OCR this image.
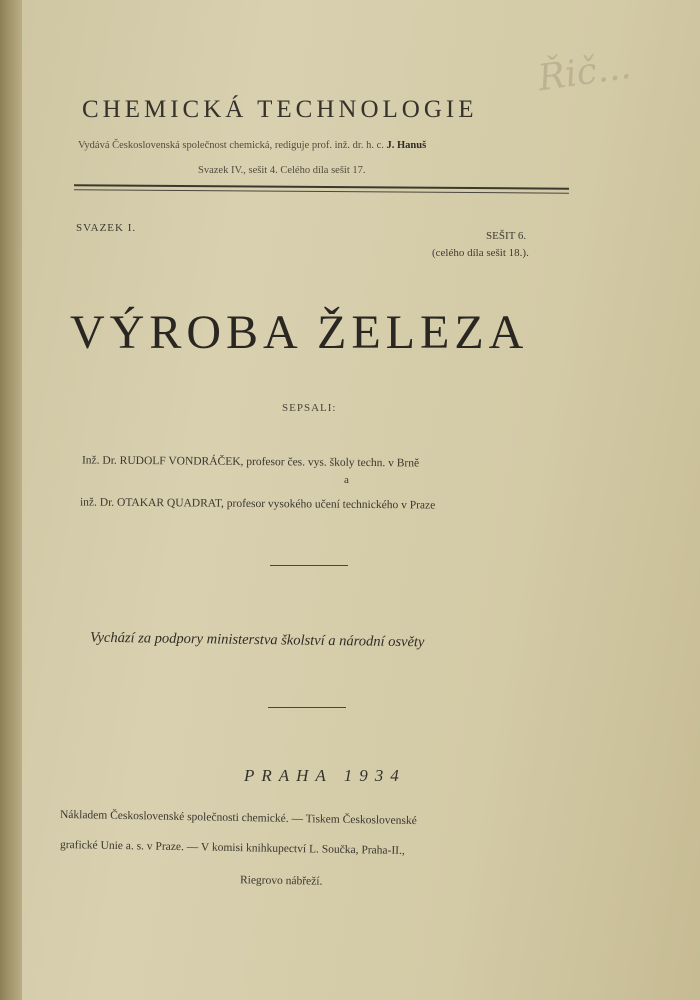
Řič...
CHEMICKÁ TECHNOLOGIE
Vydává Československá společnost chemická, rediguje prof. inž. dr. h. c. J. Hanuš
Svazek IV., sešit 4. Celého díla sešit 17.
SVAZEK I.
SEŠIT 6.
(celého díla sešit 18.).
VÝROBA ŽELEZA
SEPSALI:
Inž. Dr. RUDOLF VONDRÁČEK, profesor čes. vys. školy techn. v Brně
a
inž. Dr. OTAKAR QUADRAT, profesor vysokého učení technického v Praze
Vychází za podpory ministerstva školství a národní osvěty
PRAHA 1934
Nákladem Československé společnosti chemické. — Tiskem Československé
grafické Unie a. s. v Praze. — V komisi knihkupectví L. Součka, Praha-II.,
Riegrovo nábřeží.
